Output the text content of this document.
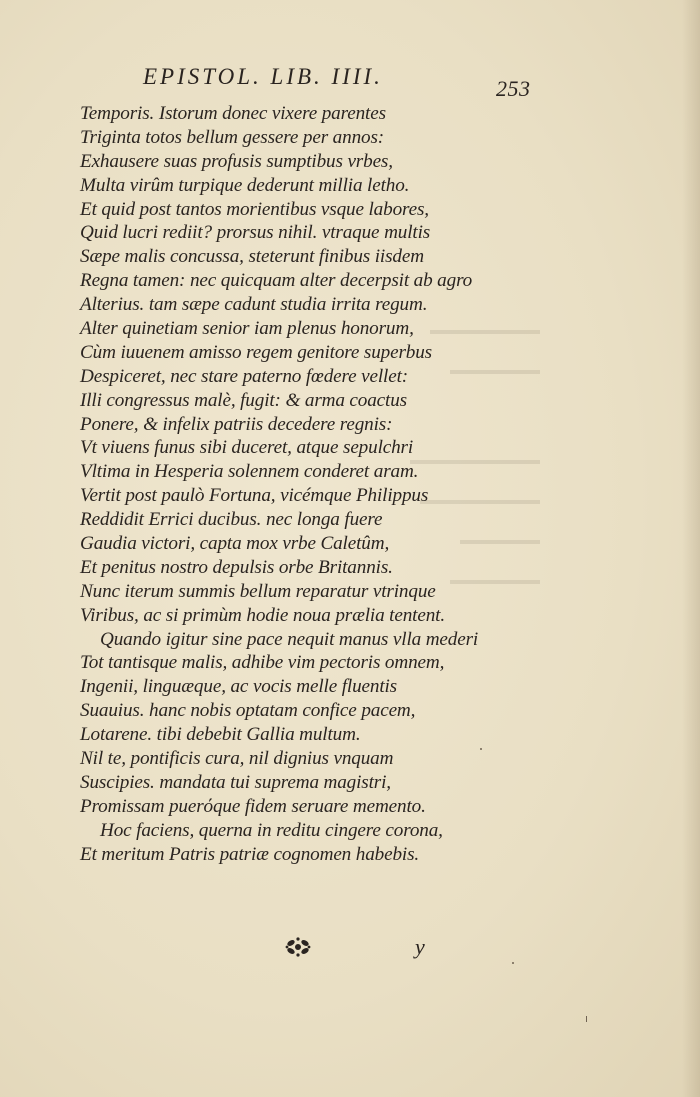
EPISTOL. LIB. IIII.	253
Temporis. Istorum donec vixere parentes
Triginta totos bellum gessere per annos:
Exhausere suas profusis sumptibus vrbes,
Multa virûm turpique dederunt millia letho.
Et quid post tantos morientibus vsque labores,
Quid lucri rediit? prorsus nihil. vtraque multis
Sæpe malis concussa, steterunt finibus iisdem
Regna tamen: nec quicquam alter decerpsit ab agro
Alterius. tam sæpe cadunt studia irrita regum.
Alter quinetiam senior iam plenus honorum,
Cùm iuuenem amisso regem genitore superbus
Despiceret, nec stare paterno fœdere vellet:
Illi congressus malè, fugit: & arma coactus
Ponere, & infelix patriis decedere regnis:
Vt viuens funus sibi duceret, atque sepulchri
Vltima in Hesperia solennem conderet aram.
Vertit post paulò Fortuna, vicémque Philippus
Reddidit Errici ducibus. nec longa fuere
Gaudia victori, capta mox vrbe Caletûm,
Et penitus nostro depulsis orbe Britannis.
Nunc iterum summis bellum reparatur vtrinque
Viribus, ac si primùm hodie noua prælia tentent.
Quando igitur sine pace nequit manus vlla mederi
Tot tantisque malis, adhibe vim pectoris omnem,
Ingenii, linguæque, ac vocis melle fluentis
Suauius. hanc nobis optatam confice pacem,
Lotarene. tibi debebit Gallia multum.
Nil te, pontificis cura, nil dignius vnquam
Suscipies. mandata tui suprema magistri,
Promissam puerόque fidem seruare memento.
Hoc faciens, querna in reditu cingere corona,
Et meritum Patris patriæ cognomen habebis.
y
